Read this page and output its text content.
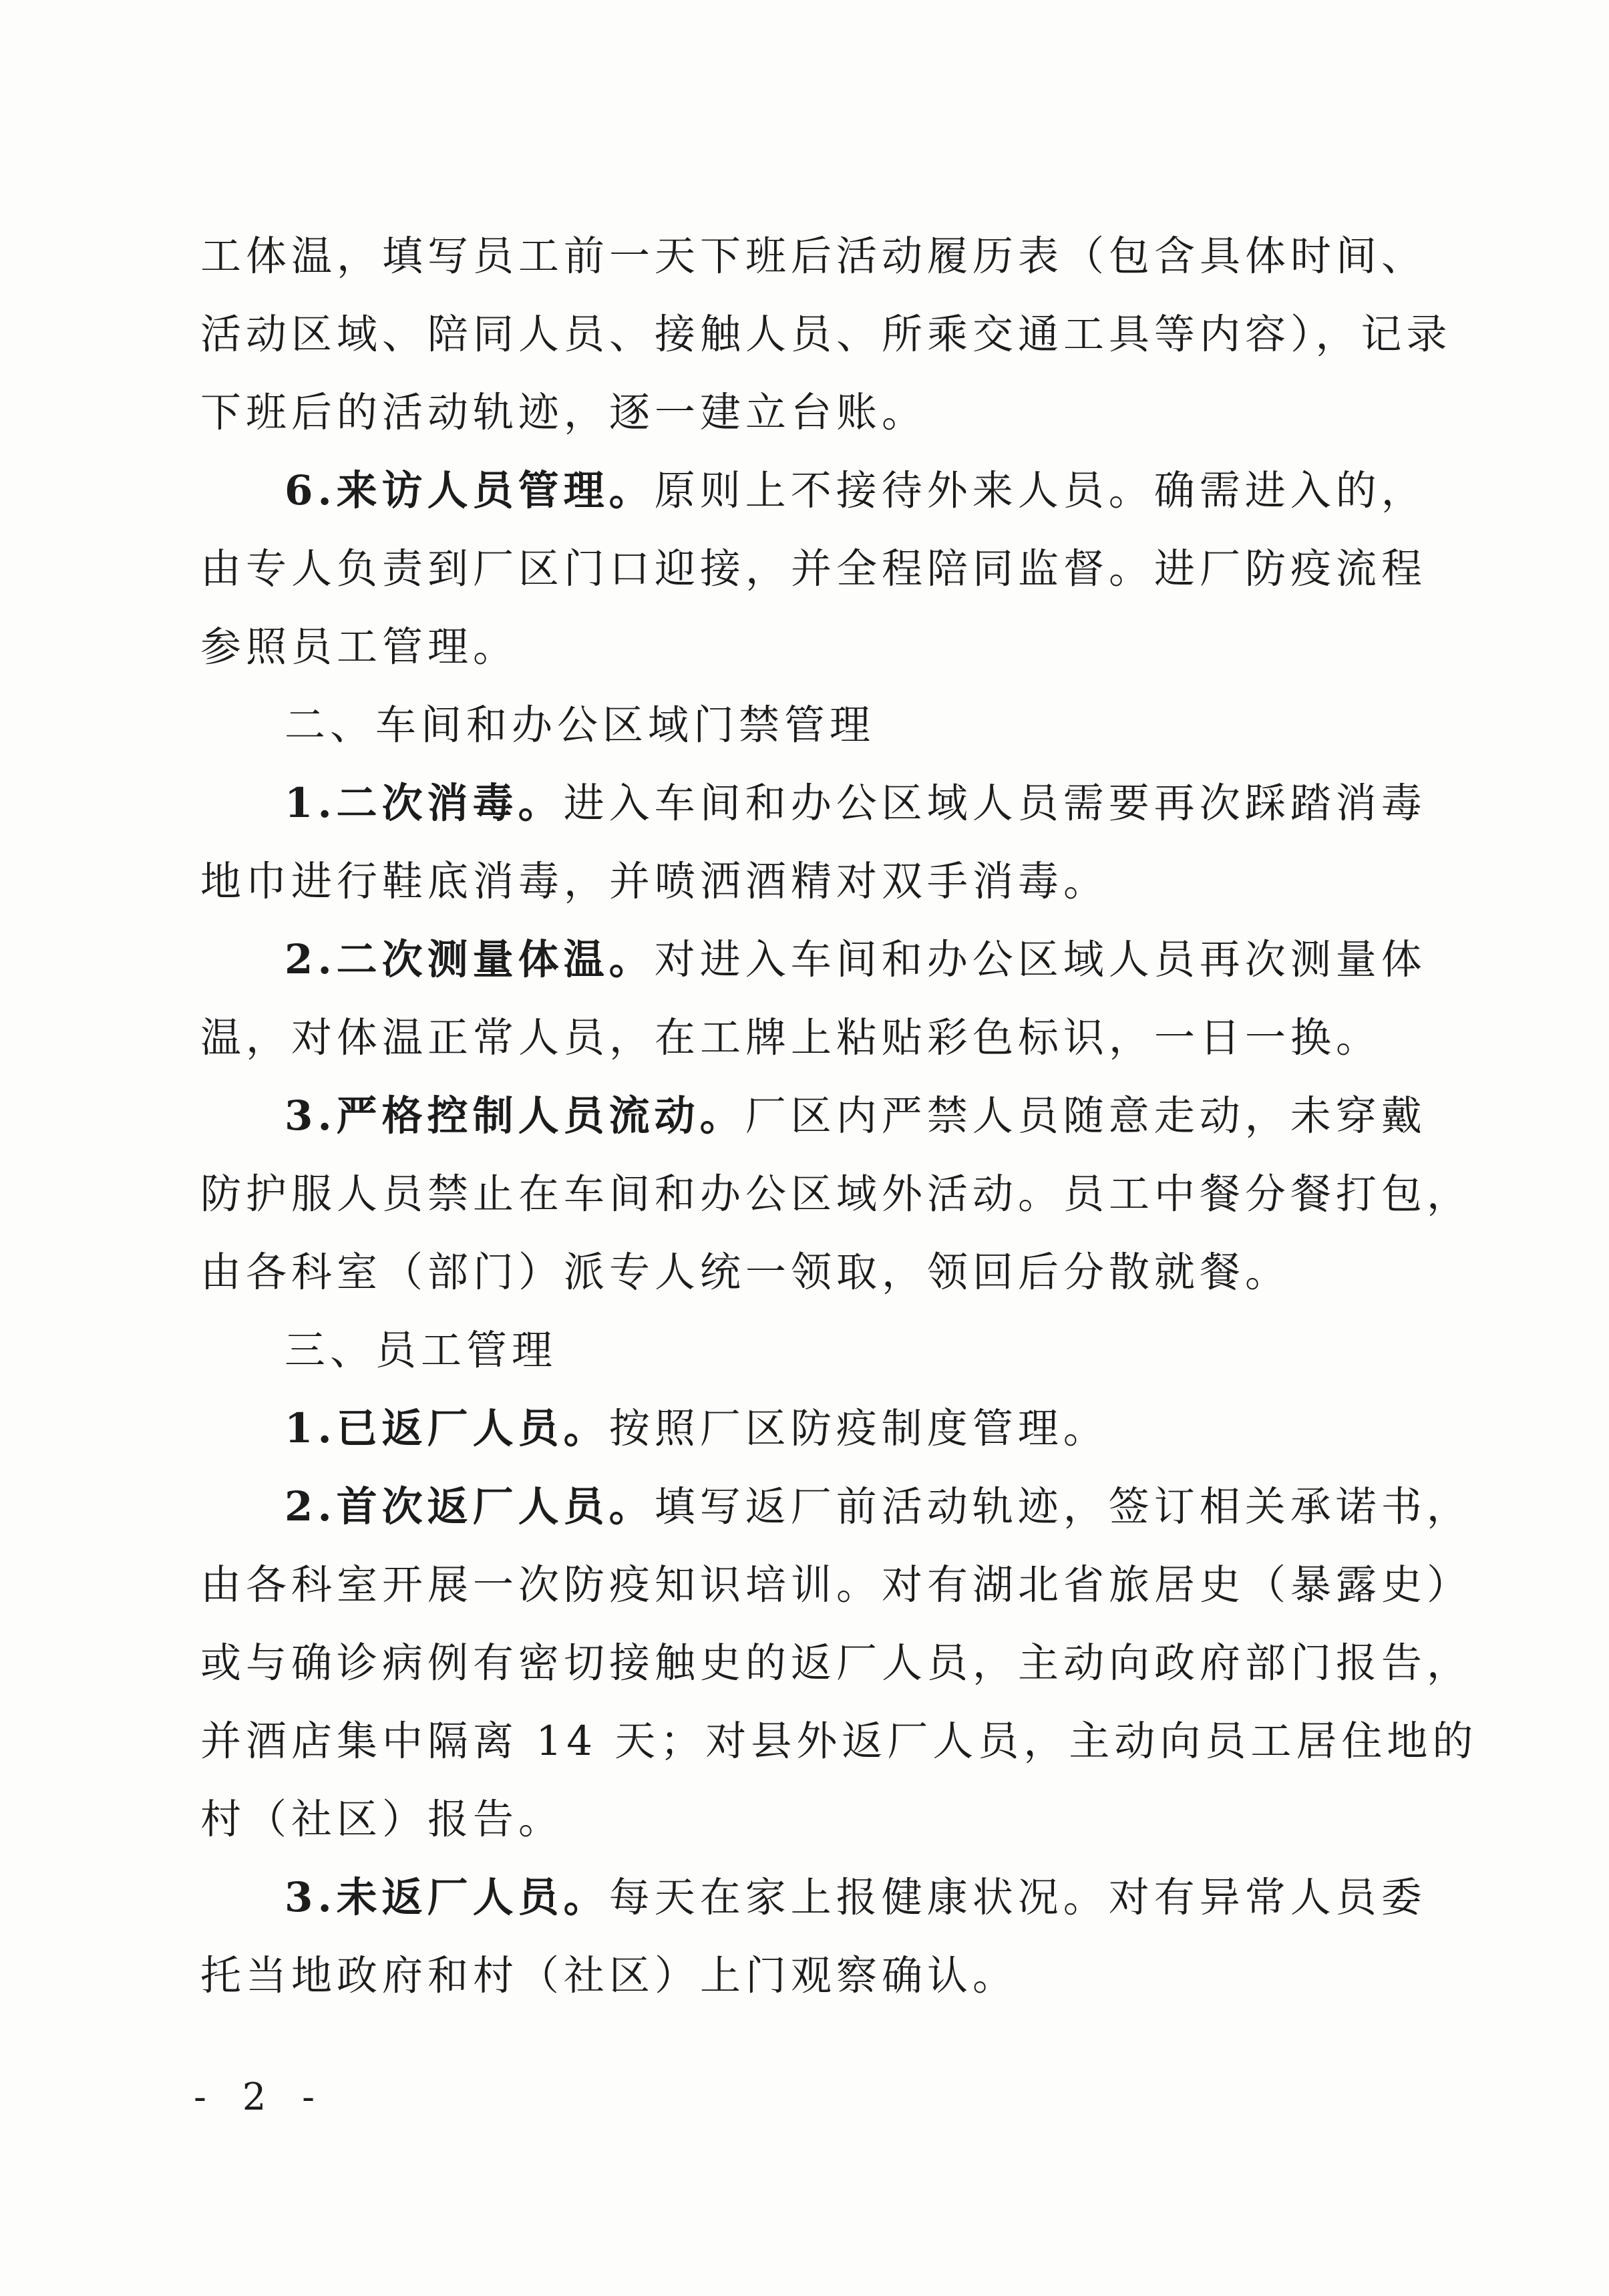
工体温，填写员工前一天下班后活动履历表（包含具体时间、
活动区域、陪同人员、接触人员、所乘交通工具等内容），记录
下班后的活动轨迹，逐一建立台账。
6.来访人员管理。原则上不接待外来人员。确需进入的，
由专人负责到厂区门口迎接，并全程陪同监督。进厂防疫流程
参照员工管理。
二、车间和办公区域门禁管理
1.二次消毒。进入车间和办公区域人员需要再次踩踏消毒
地巾进行鞋底消毒，并喷洒酒精对双手消毒。
2.二次测量体温。对进入车间和办公区域人员再次测量体
温，对体温正常人员，在工牌上粘贴彩色标识，一日一换。
3.严格控制人员流动。厂区内严禁人员随意走动，未穿戴
防护服人员禁止在车间和办公区域外活动。员工中餐分餐打包，
由各科室（部门）派专人统一领取，领回后分散就餐。
三、员工管理
1.已返厂人员。按照厂区防疫制度管理。
2.首次返厂人员。填写返厂前活动轨迹，签订相关承诺书，
由各科室开展一次防疫知识培训。对有湖北省旅居史（暴露史）
或与确诊病例有密切接触史的返厂人员，主动向政府部门报告，
并酒店集中隔离 14 天；对县外返厂人员，主动向员工居住地的
村（社区）报告。
3.未返厂人员。每天在家上报健康状况。对有异常人员委
托当地政府和村（社区）上门观察确认。
- 2 -
